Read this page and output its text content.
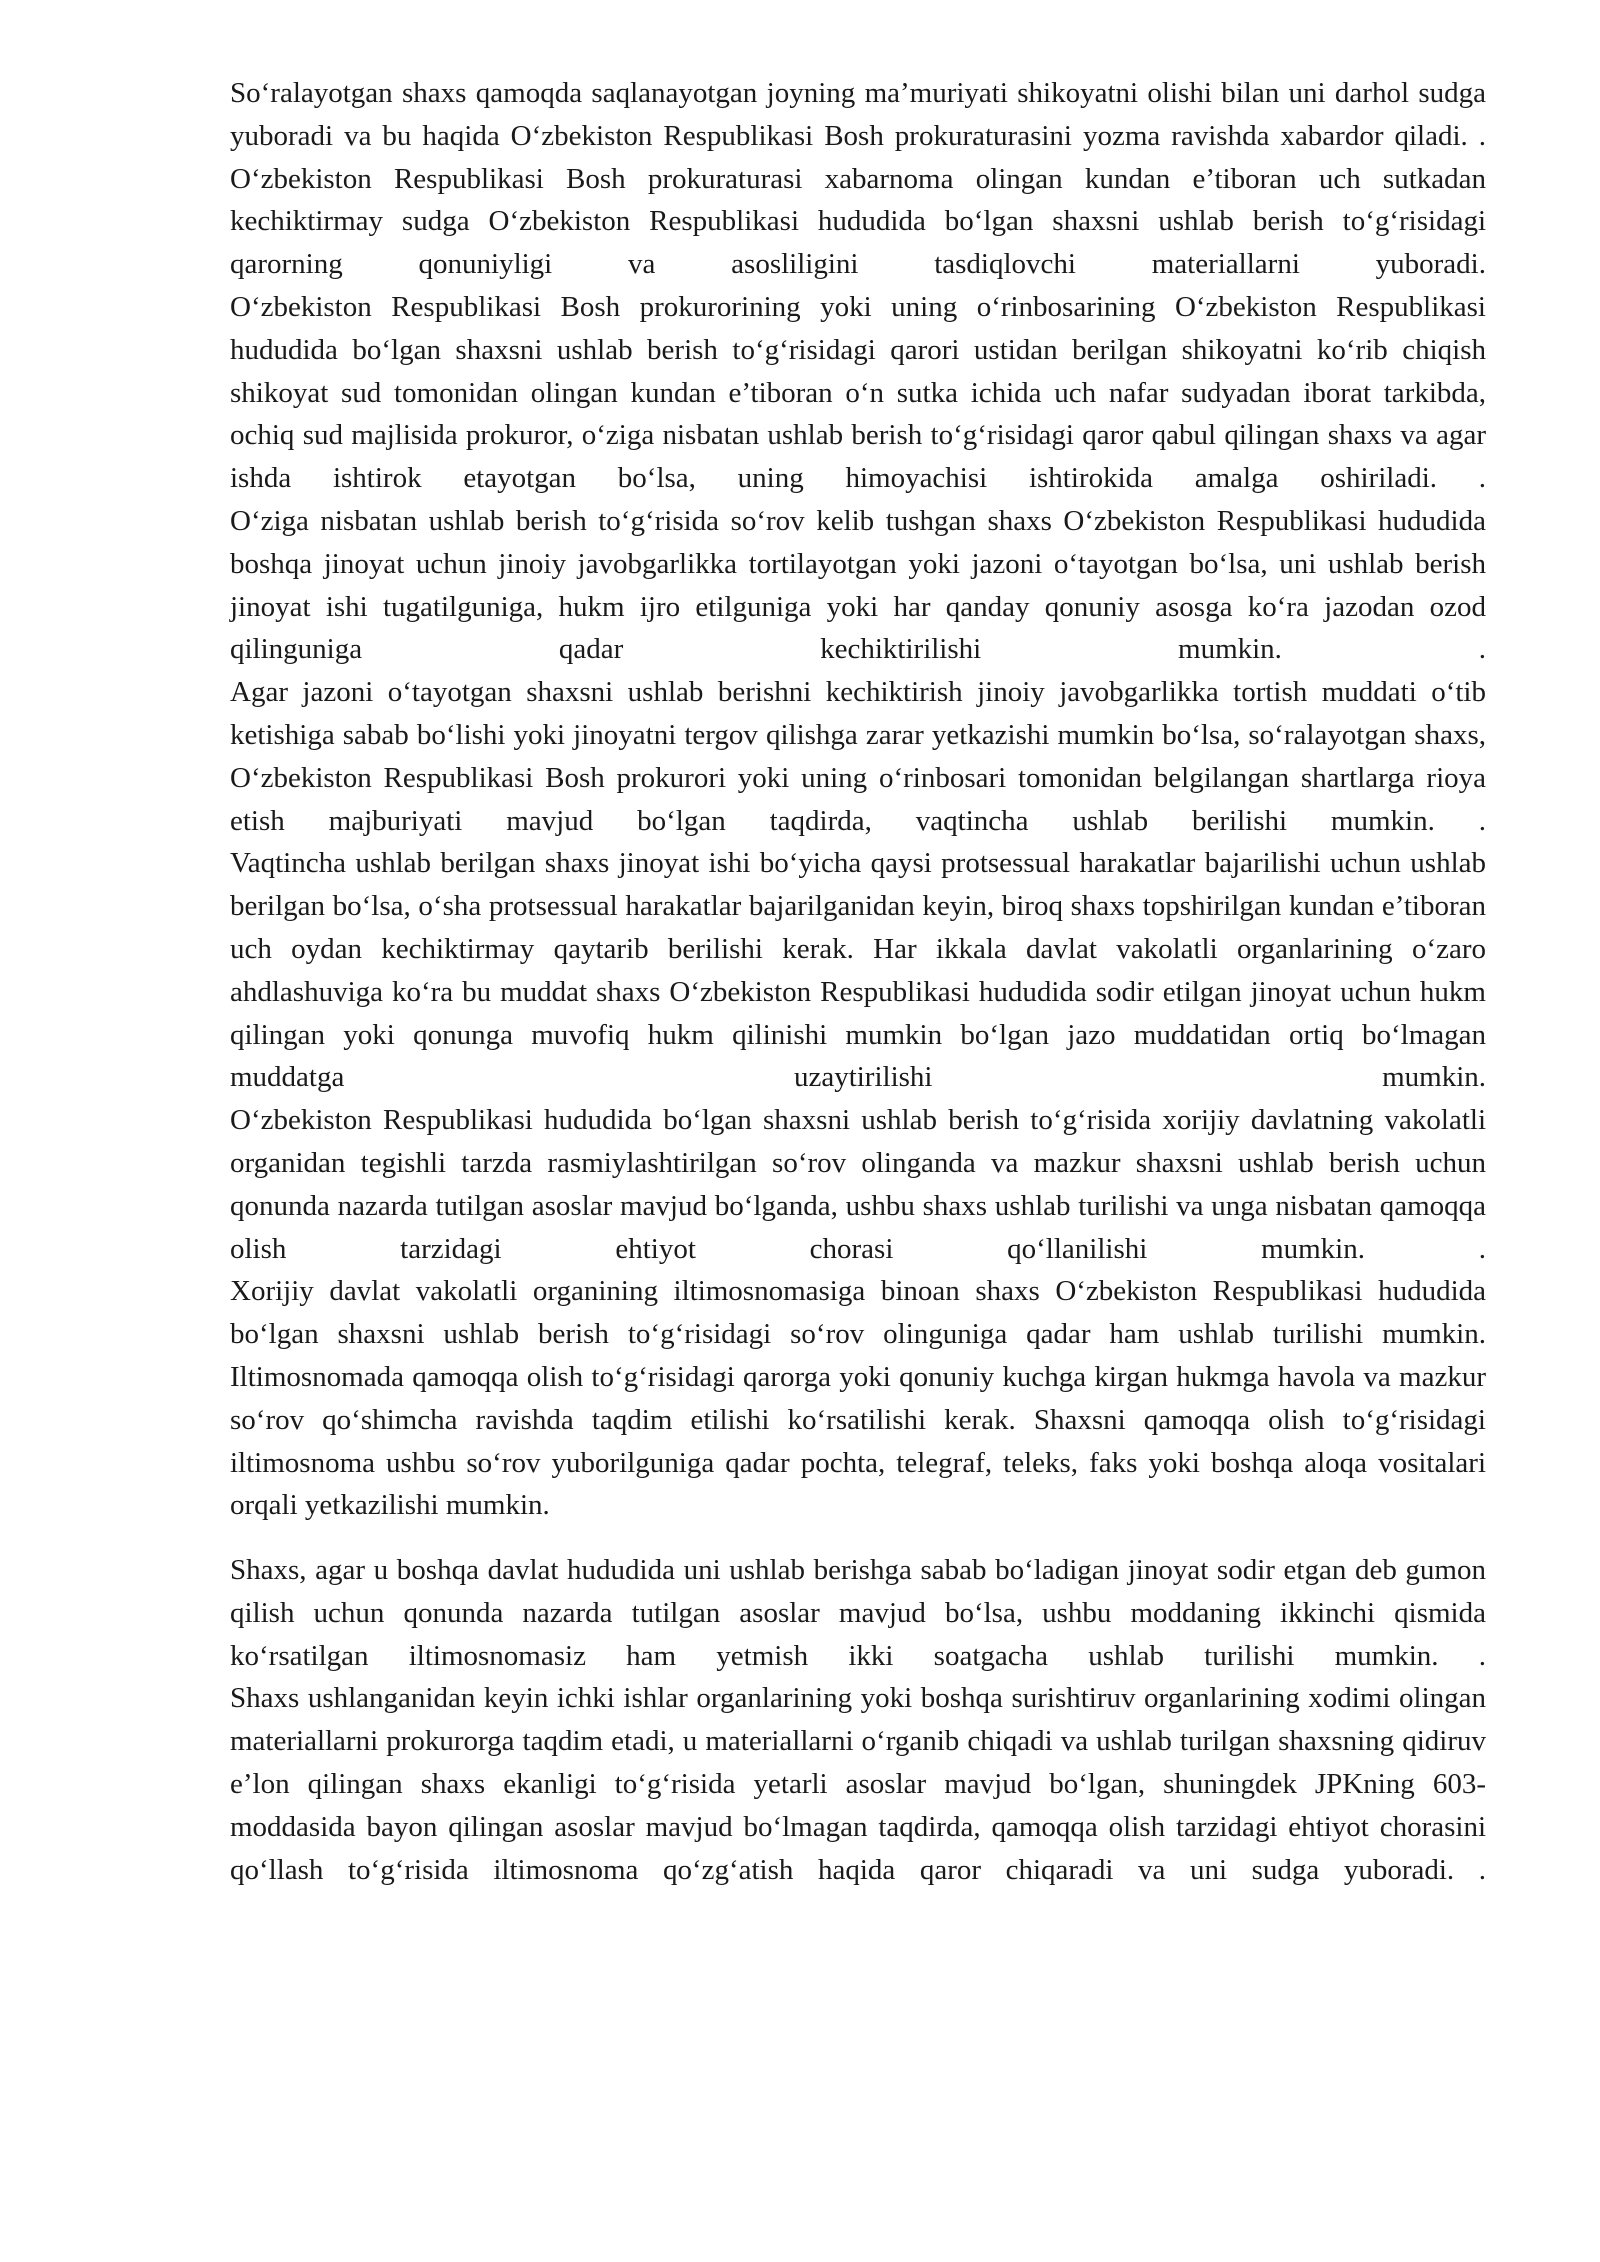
So‘ralayotgan shaxs qamoqda saqlanayotgan joyning ma’muriyati shikoyatni olishi bilan uni darhol sudga yuboradi va bu haqida O‘zbekiston Respublikasi Bosh prokuraturasini yozma ravishda xabardor qiladi. .

O‘zbekiston Respublikasi Bosh prokuraturasi xabarnoma olingan kundan e’tiboran uch sutkadan kechiktirmay sudga O‘zbekiston Respublikasi hududida bo‘lgan shaxsni ushlab berish to‘g‘risidagi qarorning qonuniyligi va asosliligini tasdiqlovchi materiallarni yuboradi.

O‘zbekiston Respublikasi Bosh prokurorining yoki uning o‘rinbosarining O‘zbekiston Respublikasi hududida bo‘lgan shaxsni ushlab berish to‘g‘risidagi qarori ustidan berilgan shikoyatni ko‘rib chiqish shikoyat sud tomonidan olingan kundan e’tiboran o‘n sutka ichida uch nafar sudyadan iborat tarkibda, ochiq sud majlisida prokuror, o‘ziga nisbatan ushlab berish to‘g‘risidagi qaror qabul qilingan shaxs va agar ishda ishtirok etayotgan bo‘lsa, uning himoyachisi ishtirokida amalga oshiriladi. .

O‘ziga nisbatan ushlab berish to‘g‘risida so‘rov kelib tushgan shaxs O‘zbekiston Respublikasi hududida boshqa jinoyat uchun jinoiy javobgarlikka tortilayotgan yoki jazoni o‘tayotgan bo‘lsa, uni ushlab berish jinoyat ishi tugatilguniga, hukm ijro etilguniga yoki har qanday qonuniy asosga ko‘ra jazodan ozod qilinguniga qadar kechiktirilishi mumkin. .

Agar jazoni o‘tayotgan shaxsni ushlab berishni kechiktirish jinoiy javobgarlikka tortish muddati o‘tib ketishiga sabab bo‘lishi yoki jinoyatni tergov qilishga zarar yetkazishi mumkin bo‘lsa, so‘ralayotgan shaxs, O‘zbekiston Respublikasi Bosh prokurori yoki uning o‘rinbosari tomonidan belgilangan shartlarga rioya etish majburiyati mavjud bo‘lgan taqdirda, vaqtincha ushlab berilishi mumkin. .

Vaqtincha ushlab berilgan shaxs jinoyat ishi bo‘yicha qaysi protsessual harakatlar bajarilishi uchun ushlab berilgan bo‘lsa, o‘sha protsessual harakatlar bajarilganidan keyin, biroq shaxs topshirilgan kundan e’tiboran uch oydan kechiktirmay qaytarib berilishi kerak. Har ikkala davlat vakolatli organlarining o‘zaro ahdlashuviga ko‘ra bu muddat shaxs O‘zbekiston Respublikasi hududida sodir etilgan jinoyat uchun hukm qilingan yoki qonunga muvofiq hukm qilinishi mumkin bo‘lgan jazo muddatidan ortiq bo‘lmagan muddatga uzaytirilishi mumkin.

O‘zbekiston Respublikasi hududida bo‘lgan shaxsni ushlab berish to‘g‘risida xorijiy davlatning vakolatli organidan tegishli tarzda rasmiylashtirilgan so‘rov olinganda va mazkur shaxsni ushlab berish uchun qonunda nazarda tutilgan asoslar mavjud bo‘lganda, ushbu shaxs ushlab turilishi va unga nisbatan qamoqqa olish tarzidagi ehtiyot chorasi qo‘llanilishi mumkin. .

Xorijiy davlat vakolatli organining iltimosnomasiga binoan shaxs O‘zbekiston Respublikasi hududida bo‘lgan shaxsni ushlab berish to‘g‘risidagi so‘rov olinguniga qadar ham ushlab turilishi mumkin. Iltimosnomada qamoqqa olish to‘g‘risidagi qarorga yoki qonuniy kuchga kirgan hukmga havola va mazkur so‘rov qo‘shimcha ravishda taqdim etilishi ko‘rsatilishi kerak. Shaxsni qamoqqa olish to‘g‘risidagi iltimosnoma ushbu so‘rov yuborilguniga qadar pochta, telegraf, teleks, faks yoki boshqa aloqa vositalari orqali yetkazilishi mumkin.

Shaxs, agar u boshqa davlat hududida uni ushlab berishga sabab bo‘ladigan jinoyat sodir etgan deb gumon qilish uchun qonunda nazarda tutilgan asoslar mavjud bo‘lsa, ushbu moddaning ikkinchi qismida ko‘rsatilgan iltimosnomasiz ham yetmish ikki soatgacha ushlab turilishi mumkin. .

Shaxs ushlanganidan keyin ichki ishlar organlarining yoki boshqa surishtiruv organlarining xodimi olingan materiallarni prokurorga taqdim etadi, u materiallarni o‘rganib chiqadi va ushlab turilgan shaxsning qidiruv e’lon qilingan shaxs ekanligi to‘g‘risida yetarli asoslar mavjud bo‘lgan, shuningdek JPKning 603-moddasida bayon qilingan asoslar mavjud bo‘lmagan taqdirda, qamoqqa olish tarzidagi ehtiyot chorasini qo‘llash to‘g‘risida iltimosnoma qo‘zg‘atish haqida qaror chiqaradi va uni sudga yuboradi. .
